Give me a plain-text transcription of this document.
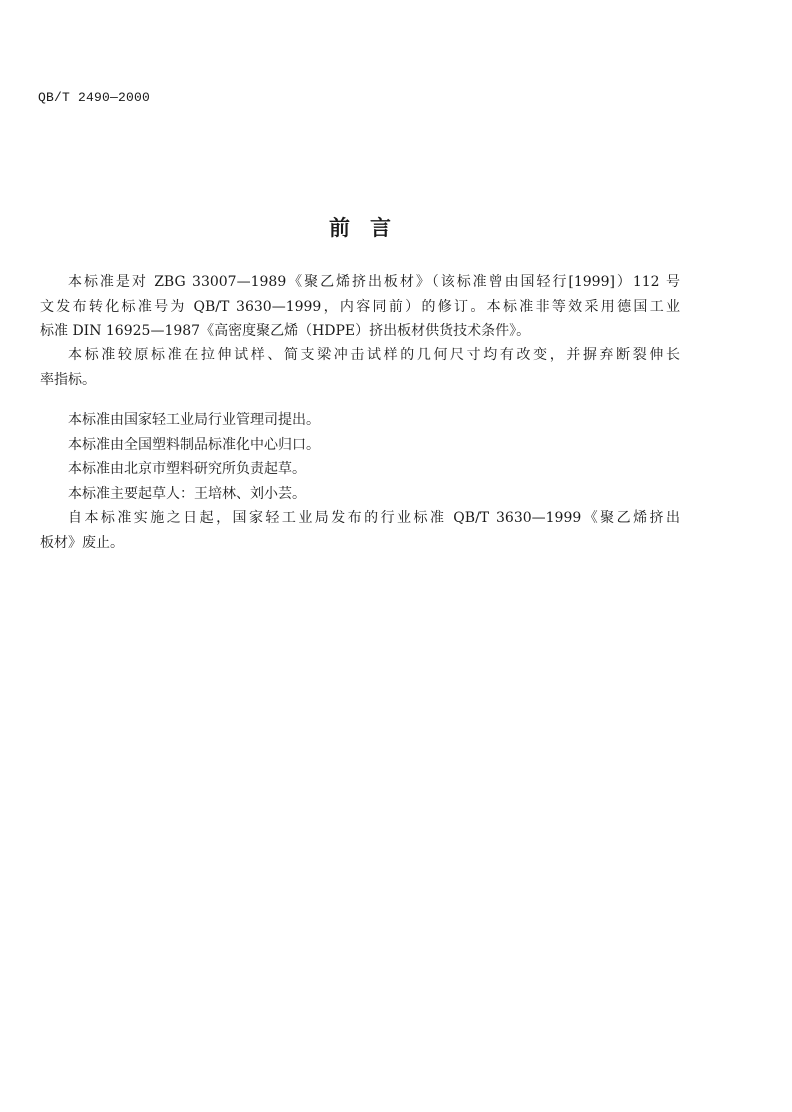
QB/T 2490—2000
前言
本标准是对 ZBG 33007—1989《聚乙烯挤出板材》（该标准曾由国轻行[1999]）112 号
文发布转化标准号为 QB/T 3630—1999，内容同前）的修订。本标准非等效采用德国工业
标准 DIN 16925—1987《高密度聚乙烯（HDPE）挤出板材供货技术条件》。
本标准较原标准在拉伸试样、简支梁冲击试样的几何尺寸均有改变，并摒弃断裂伸长
率指标。
本标准由国家轻工业局行业管理司提出。
本标准由全国塑料制品标准化中心归口。
本标准由北京市塑料研究所负责起草。
本标准主要起草人：王培林、刘小芸。
自本标准实施之日起，国家轻工业局发布的行业标准 QB/T 3630—1999《聚乙烯挤出
板材》废止。
